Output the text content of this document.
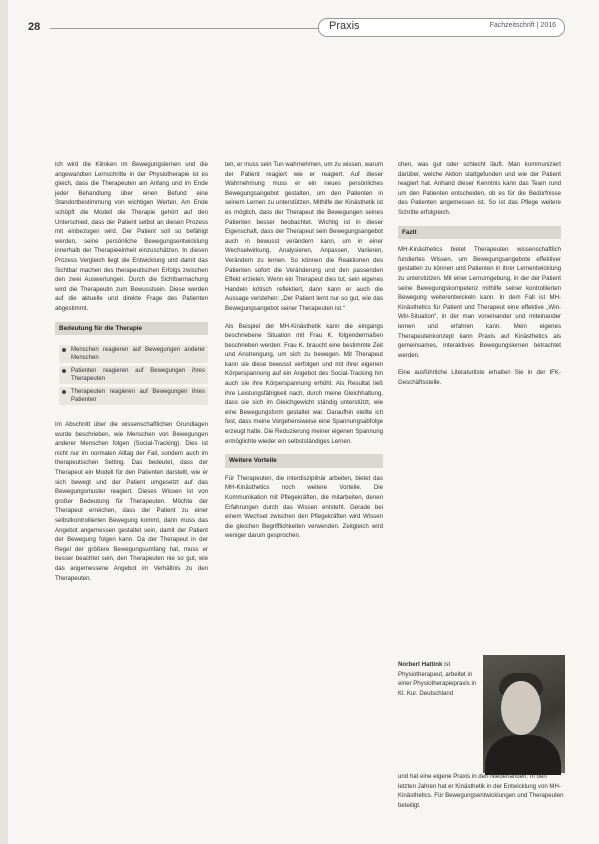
28	Praxis	Fachzeitschrift | 2016

ich wird die Kliniken im Bewegungslernen und die angewandten Lernschritte in der Physiotherapie ist es gleich, dass die Therapeuten am Anfang und im Ende jeder Behandlung über einen Befund eine Standortbestimmung von wichtigen Werten. Am Ende schöpft die Modell die Therapie gehört auf den Unterschied, dass der Patient selbst an diesen Prozess mit einbezogen wird. Der Patient soll so befähigt werden, seine persönliche Bewegungsentwicklung innerhalb der Therapieeinheit einzuschätzen. In diesen Prozess Vergleich liegt die Entwicklung und damit das Sichtbar machen des therapeutischen Erfolgs zwischen den zwei Auswertungen. Durch die Sichtbarmachung wird die Therapeutin zum Bewusstsein. Diese werden auf die aktuelle und direkte Frage des Patienten abgestimmt.

Bedeutung für die Therapie
Menschen reagieren auf Bewegungen anderer Menschen
Patienten reagieren auf Bewegungen ihres Therapeuten
Therapeuten reagieren auf Bewegungen ihres Patienten

Im Abschnitt über die wissenschaftlichen Grundlagen wurde beschrieben, wie Menschen von Bewegungen anderer Menschen folgen (Social-Tracking). Dies ist nicht nur im normalen Alltag der Fall, sondern auch im therapeutischen Setting. Das bedeutet, dass der Therapeut ein Modell für den Patienten darstellt, wie er sich bewegt und der Patient umgesetzt auf das Bewegungsmuster reagiert. Dieses Wissen ist von großer Bedeutung für Therapeuten. Möchte der Therapeut erreichen, dass der Patient zu einer selbstkontrollierten Bewegung kommt, dann muss das Angebot angemessen gestaltet sein, damit der Patient der Bewegung folgen kann. Da der Therapeut in der Regel der größere Bewegungsumfang hat, muss er besser beachtet sein, den Therapeuten nie so gut, wie das angemessene Angebot im Verhältnis zu den Therapeuten.

ten, er muss sein Tun wahrnehmen, um zu wissen, warum der Patient reagiert wie er reagiert. Auf dieser Wahrnehmung muss er ein neues persönliches Bewegungsangebot gestalten, um den Patienten in seinem Lernen zu unterstützen. Mithilfe der Kinästhetik ist es möglich, dass der Therapeut die Bewegungen seines Patienten besser beobachtet. Wichtig ist in dieser Eigenschaft, dass der Therapeut sein Bewegungsangebot auch in bewusst verändern kann, um in einer Wechselwirkung, Analysieren, Anpassen, Variieren, Verändern zu lernen. So können die Reaktionen des Patienten sofort die Veränderung und den passenden Effekt erzielen. Wenn ein Therapeut dies tut, sein eigenes Handeln kritisch reflektiert, dann kann er auch die Aussage verstehen: „Der Patient lernt nur so gut, wie das Bewegungsangebot seiner Therapeuten ist.“

Als Beispiel der MH-Kinästhetik kann die eingangs beschriebene Situation mit Frau K. folgendermaßen beschrieben werden: Frau K. braucht eine bestimmte Zeit und Anstrengung, um sich zu bewegen. Mit Therapeut kann sie diese bewusst verfolgen und mit ihrer eigenen Körperspannung auf ein Angebot des Social-Tracking hin auch sie ihre Körperspannung erhöht. Als Resultat ließ ihre Leistungsfähigkeit nach, durch meine Gleichhaltung, dass sie sich im Gleichgewicht ständig unterstützt, wie eine Bewegungsform gestaltet war. Daraufhin stellte ich fest, dass meine Vorgehensweise eine Spannungsabfolge erzeugt hatte. Die Reduzierung meiner eigenen Spannung ermöglichte wieder ein selbstständiges Lernen.

Weitere Vorteile

Für Therapeuten, die interdisziplinär arbeiten, bietet das MH-Kinästhetics noch weitere Vorteile. Die Kommunikation mit Pflegekräften, die mitarbeiten, denen Erfahrungen durch das Wissen entsteht. Gerade bei einem Wechsel zwischen den Pflegekräften wird Wissen die gleichen Begrifflichkeiten verwenden. Zeitgleich wird weniger darum gesprochen.

chen, was gut oder schlecht läuft. Man kommuniziert darüber, welche Aktion stattgefunden und wie der Patient reagiert hat. Anhand dieser Kenntnis kann das Team rund um den Patienten entscheiden, ob es für die Bedürfnisse des Patienten angemessen ist. So ist das Pflege weitere Schritte erfolgreich.

Fazit

MH-Kinästhetics bietet Therapeuten wissenschaftlich fundiertes Wissen, um Bewegungsangebote effektiver gestalten zu können und Patienten in ihrer Lernentwicklung zu unterstützen. Mit einer Lernumgebung, in der der Patient seine Bewegungskompetenz mithilfe seiner kontrollierten Bewegung weiterentwickeln kann. In dem Fall ist MH-Kinästhetics für Patient und Therapeut eine effektive „Win-Win-Situation“, in der man voneinander und miteinander lernen und erfahren kann. Mein eigenes Therapeutenkonzept kann Praxis auf Kinästhetics als gemeinsames, interaktives Bewegungslernen betrachtet werden.

Eine ausführliche Literaturliste erhalten Sie in der IFK-Geschäftsstelle.

Norbert Hattink ist Physiotherapeut, arbeitet in einer Physiotherapiepraxis in Kl. Kur. Deutschland
und hat eine eigene Praxis in den Niederlanden. In den letzten Jahren hat er Kinästhetik in der Entwicklung von MH-Kinästhetics. Für Bewegungsentwicklungen und Therapeuten beteiligt.
